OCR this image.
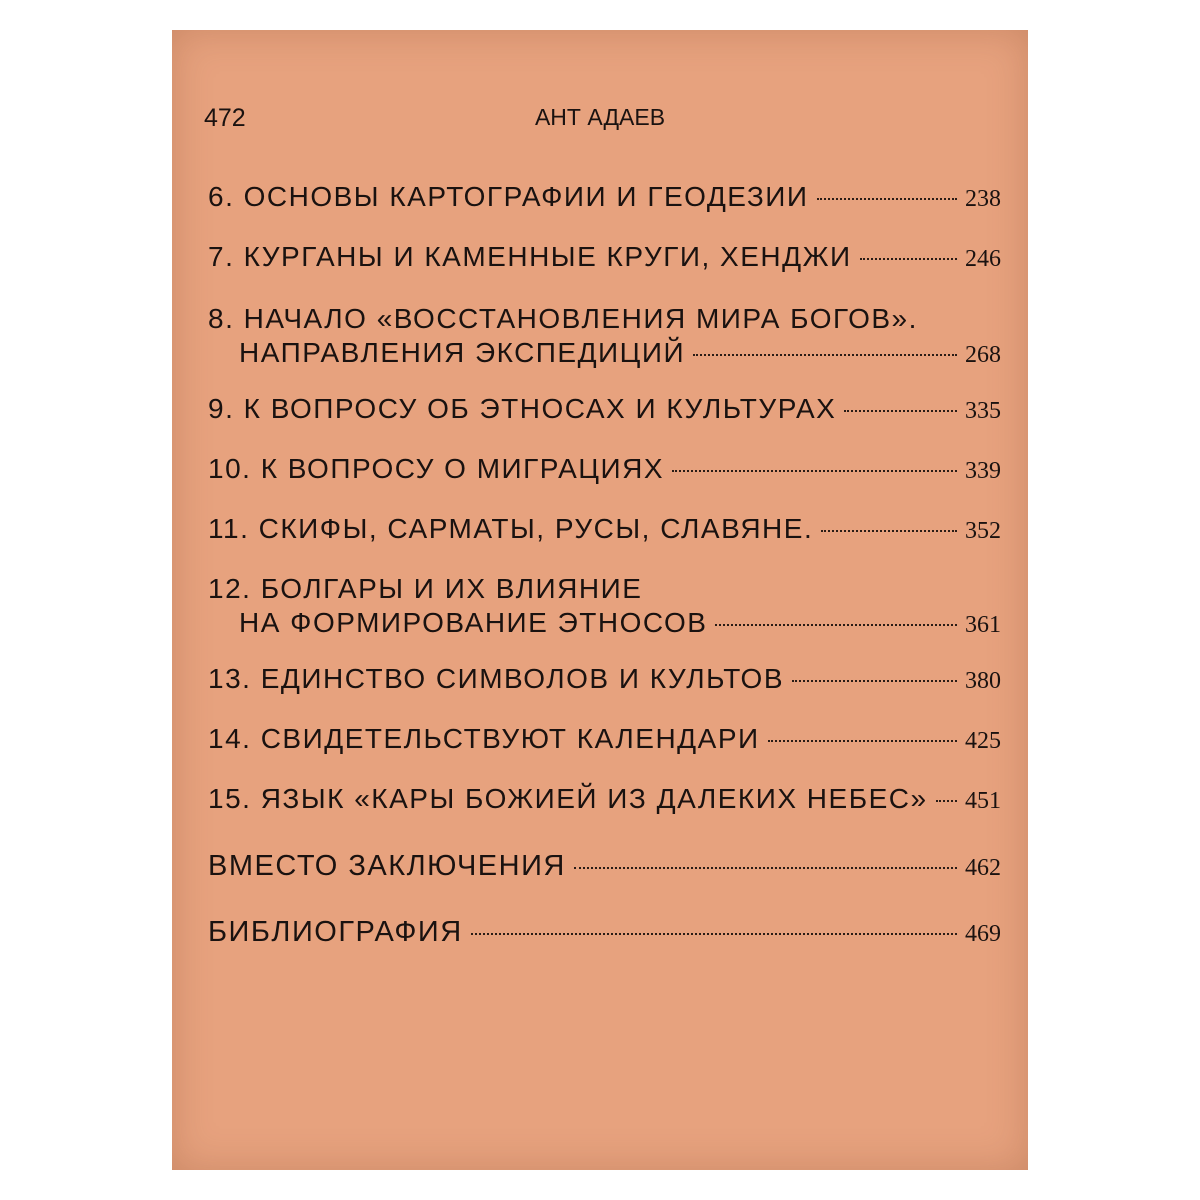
472	АНТ АДАЕВ
6. ОСНОВЫ КАРТОГРАФИИ И ГЕОДЕЗИИ	238
7. КУРГАНЫ И КАМЕННЫЕ КРУГИ, ХЕНДЖИ	246
8. НАЧАЛО «ВОССТАНОВЛЕНИЯ МИРА БОГОВ».
НАПРАВЛЕНИЯ ЭКСПЕДИЦИЙ	268
9. К ВОПРОСУ ОБ ЭТНОСАХ И КУЛЬТУРАХ	335
10. К ВОПРОСУ О МИГРАЦИЯХ	339
11. СКИФЫ, САРМАТЫ, РУСЫ, СЛАВЯНЕ.	352
12. БОЛГАРЫ И ИХ ВЛИЯНИЕ
НА ФОРМИРОВАНИЕ ЭТНОСОВ	361
13. ЕДИНСТВО СИМВОЛОВ И КУЛЬТОВ	380
14. СВИДЕТЕЛЬСТВУЮТ КАЛЕНДАРИ	425
15. ЯЗЫК «КАРЫ БОЖИЕЙ ИЗ ДАЛЕКИХ НЕБЕС» 451
ВМЕСТО ЗАКЛЮЧЕНИЯ	462
БИБЛИОГРАФИЯ	469
